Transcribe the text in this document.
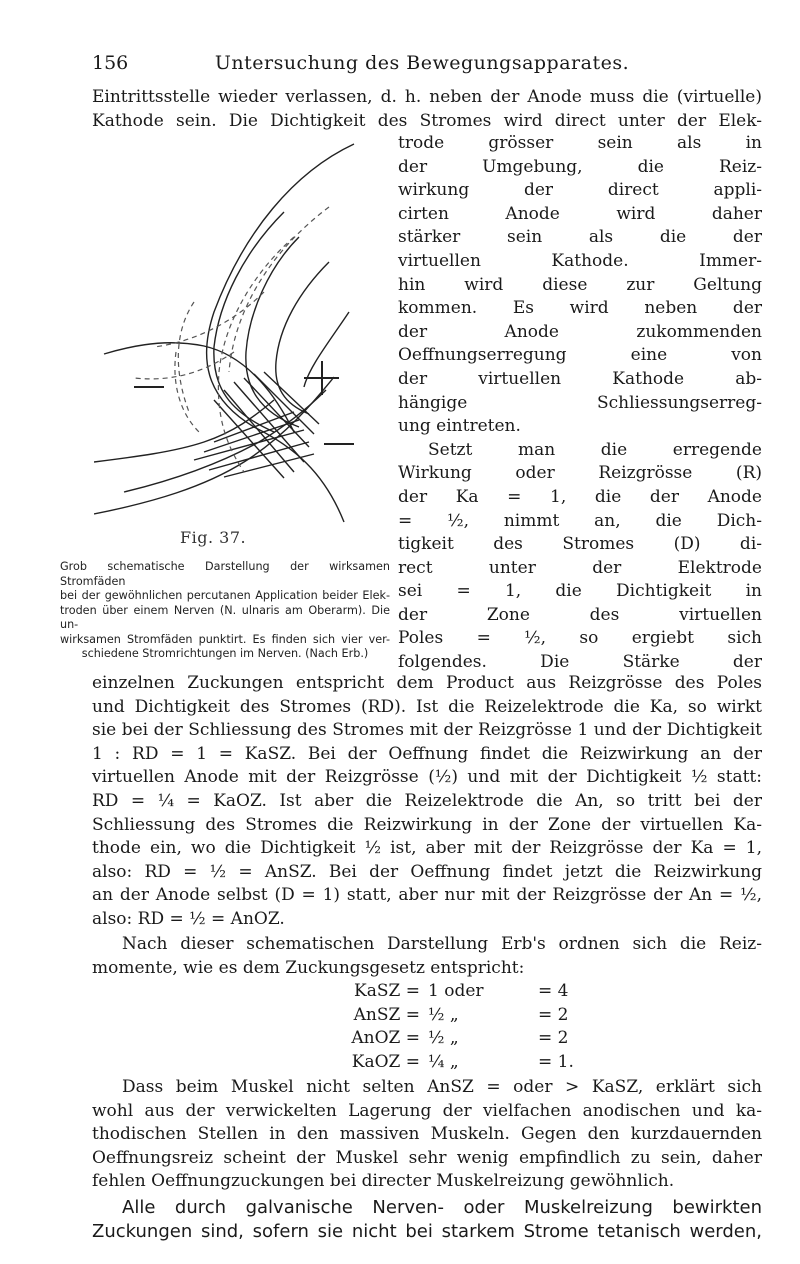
156	Untersuchung des Bewegungsapparates.
Eintrittsstelle wieder verlassen, d. h. neben der Anode muss die (virtuelle)
Kathode sein. Die Dichtigkeit des Stromes wird direct unter der Elek-
trode grösser sein als in
der Umgebung, die Reiz-
wirkung der direct appli-
cirten Anode wird daher
stärker sein als die der
virtuellen Kathode. Immer-
hin wird diese zur Geltung
kommen. Es wird neben der
der Anode zukommenden
Oeffnungserregung eine von
der virtuellen Kathode ab-
hängige Schliessungserreg-
ung eintreten.
Setzt man die erregende
Wirkung oder Reizgrösse (R)
der Ka = 1, die der Anode
= ½, nimmt an, die Dich-
tigkeit des Stromes (D) di-
rect unter der Elektrode
sei = 1, die Dichtigkeit in
der Zone des virtuellen
Poles = ½, so ergiebt sich
folgendes. Die Stärke der
Fig. 37.
Grob schematische Darstellung der wirksamen Stromfäden
bei der gewöhnlichen percutanen Application beider Elek-
troden über einem Nerven (N. ulnaris am Oberarm). Die un-
wirksamen Stromfäden punktirt. Es finden sich vier ver-
schiedene Stromrichtungen im Nerven. (Nach Erb.)
einzelnen Zuckungen entspricht dem Product aus Reizgrösse des Poles
und Dichtigkeit des Stromes (RD). Ist die Reizelektrode die Ka, so wirkt
sie bei der Schliessung des Stromes mit der Reizgrösse 1 und der Dichtigkeit
1 : RD = 1 = KaSZ. Bei der Oeffnung findet die Reizwirkung an der
virtuellen Anode mit der Reizgrösse (½) und mit der Dichtigkeit ½ statt:
RD = ¼ = KaOZ. Ist aber die Reizelektrode die An, so tritt bei der
Schliessung des Stromes die Reizwirkung in der Zone der virtuellen Ka-
thode ein, wo die Dichtigkeit ½ ist, aber mit der Reizgrösse der Ka = 1,
also: RD = ½ = AnSZ. Bei der Oeffnung findet jetzt die Reizwirkung
an der Anode selbst (D = 1) statt, aber nur mit der Reizgrösse der An = ½,
also: RD = ½ = AnOZ.
Nach dieser schematischen Darstellung Erb's ordnen sich die Reiz-
momente, wie es dem Zuckungsgesetz entspricht:
KaSZ = 1 oder	= 4
AnSZ = ½ „	= 2
AnOZ = ½ „	= 2
KaOZ = ¼ „	= 1.
Dass beim Muskel nicht selten AnSZ = oder > KaSZ, erklärt sich
wohl aus der verwickelten Lagerung der vielfachen anodischen und ka-
thodischen Stellen in den massiven Muskeln. Gegen den kurzdauernden
Oeffnungsreiz scheint der Muskel sehr wenig empfindlich zu sein, daher
fehlen Oeffnungzuckungen bei directer Muskelreizung gewöhnlich.
Alle durch galvanische Nerven- oder Muskelreizung bewirkten
Zuckungen sind, sofern sie nicht bei starkem Strome tetanisch werden,
